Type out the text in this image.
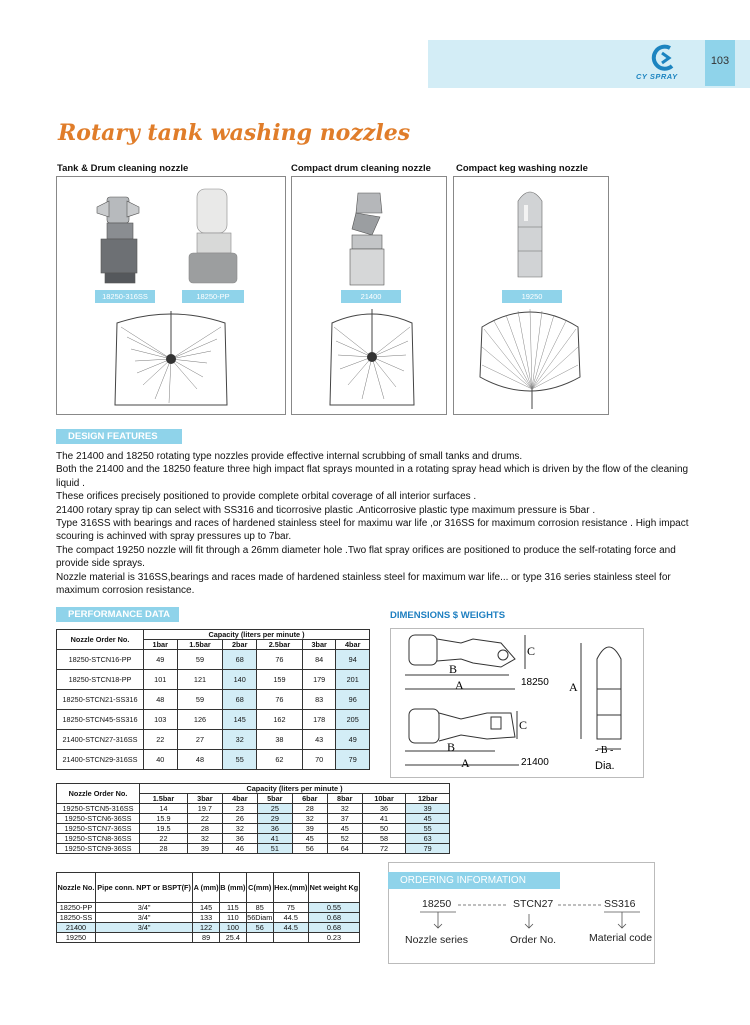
103
CY SPRAY
Rotary tank washing nozzles
Tank & Drum cleaning nozzle	Compact drum cleaning nozzle	Compact keg washing nozzle
18250-316SS	18250-PP	21400	19250
DESIGN FEATURES

The 21400 and 18250 rotating type nozzles provide effective internal scrubbing of small tanks and drums.

Both the 21400 and the 18250 feature three high impact flat sprays mounted in a rotating spray head which is driven by the flow of the cleaning liquid .

These orifices precisely positioned to provide complete orbital coverage of all interior surfaces .

21400 rotary spray tip can select with SS316 and ticorrosive plastic .Anticorrosive plastic type maximum pressure is 5bar .

Type 316SS with bearings and races of hardened stainless steel for maximu war life ,or 316SS for maximum corrosion resistance . High impact scouring is achinved with spray pressures up to 7bar.

The compact 19250 nozzle will fit through a 26mm diameter hole .Two flat spray orifices are positioned to produce the self-rotating force and provide side sprays.

Nozzle material is 316SS,bearings and races made of hardened stainless steel for maximum war life... or type 316 series stainless steel for maximum corrosion resistance.

PERFORMANCE DATA
Nozzle Order No.	Capacity (liters per minute )					
	1bar	1.5bar	2bar	2.5bar	3bar	4bar
18250-STCN16-PP	49	59	68	76	84	94
18250-STCN18-PP	101	121	140	159	179	201
18250-STCN21-SS316	48	59	68	76	83	96
18250-STCN45-SS316	103	126	145	162	178	205
21400-STCN27-316SS	22	27	32	38	43	49
21400-STCN29-316SS	40	48	55	62	70	79
Nozzle Order No.	Capacity (liters per minute )							
	1.5bar	3bar	4bar	5bar	6bar	8bar	10bar	12bar
19250-STCN5-316SS	14	19.7	23	25	28	32	36	39
19250-STCN6-36SS	15.9	22	26	29	32	37	41	45
19250-STCN7-36SS	19.5	28	32	36	39	45	50	55
19250-STCN8-36SS	22	32	36	41	45	52	58	63
19250-STCN9-36SS	28	39	46	51	56	64	72	79
Nozzle No.	Pipe conn. NPT or BSPT(F)	A (mm)	B (mm)	C(mm)	Hex.(mm)	Net weight Kg
18250-PP	3/4"	145	115	85	75	0.55
18250-SS	3/4"	133	110	56Diam	44.5	0.68
21400	3/4"	122	100	56	44.5	0.68
19250		89	25.4			0.23
DIMENSIONS $ WEIGHTS
B
A
C
18250
B
A
C
21400
A
- B -
Dia.
ORDERING INFORMATION
18250	STCN27	SS316
Nozzle series	Order No.	Material code
